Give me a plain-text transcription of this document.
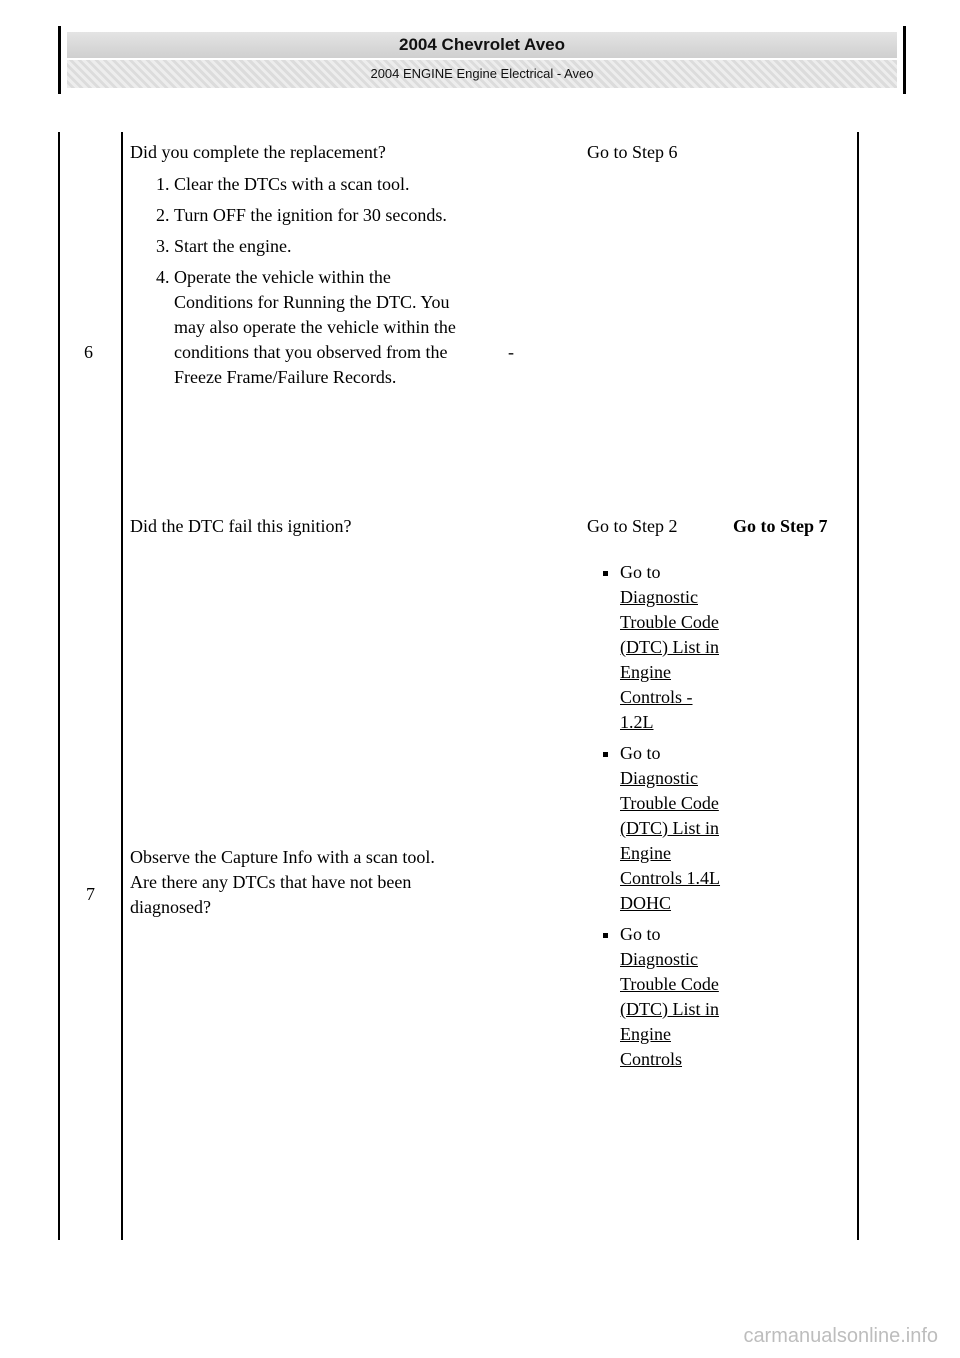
2004 Chevrolet Aveo
2004 ENGINE Engine Electrical - Aveo
6
Did you complete the replacement?
1. Clear the DTCs with a scan tool.
2. Turn OFF the ignition for 30 seconds.
3. Start the engine.
4. Operate the vehicle within the Conditions for Running the DTC. You may also operate the vehicle within the conditions that you observed from the Freeze Frame/Failure Records.
-
Go to Step 6
Did the DTC fail this ignition?	Go to Step 2	Go to Step 7
7
Observe the Capture Info with a scan tool. Are there any DTCs that have not been diagnosed?
▪ Go to Diagnostic Trouble Code (DTC) List in Engine Controls - 1.2L
▪ Go to Diagnostic Trouble Code (DTC) List in Engine Controls 1.4L DOHC
▪ Go to Diagnostic Trouble Code (DTC) List in Engine Controls
carmanualsonline.info
